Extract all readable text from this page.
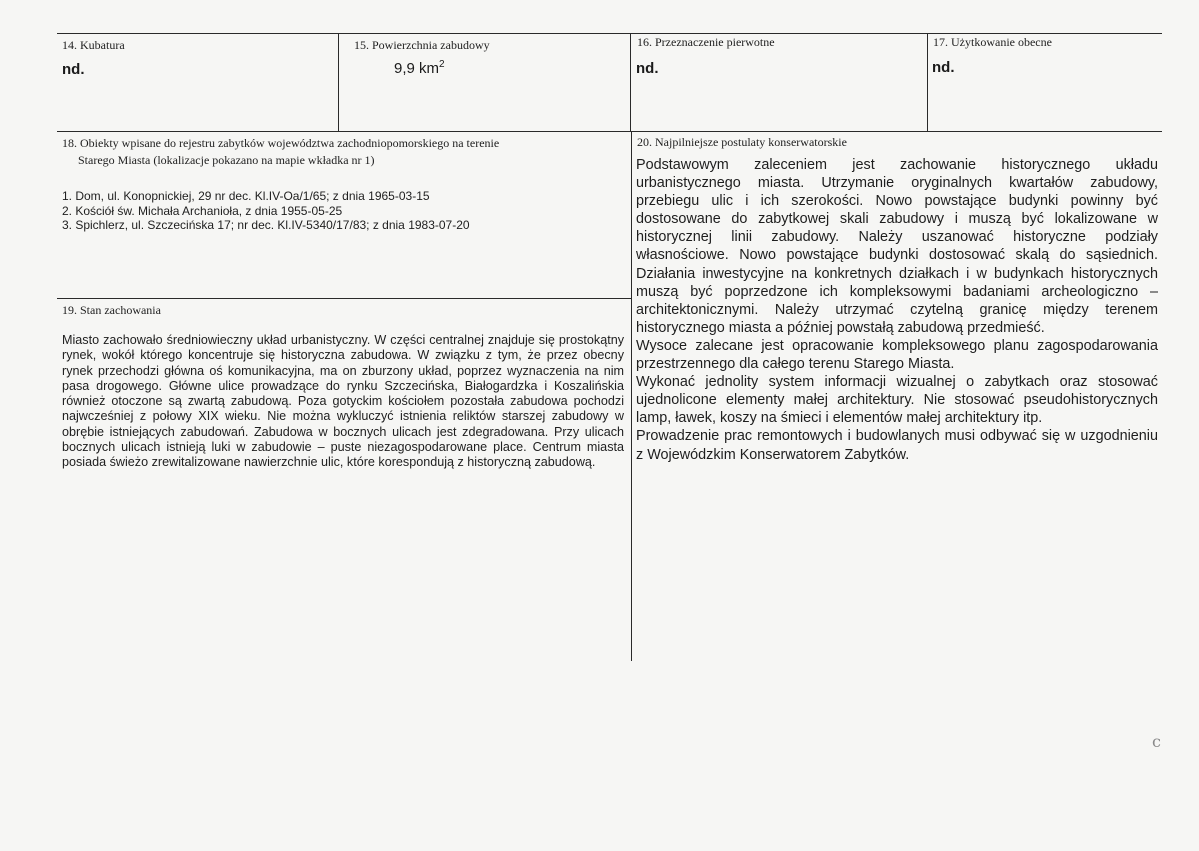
14. Kubatura
nd.
15. Powierzchnia zabudowy
9,9 $km^2$
16. Przeznaczenie pierwotne
nd.
17. Użytkowanie obecne
nd.
18. Obiekty wpisane do rejestru zabytków województwa zachodniopomorskiego na terenie
Starego Miasta (lokalizacje pokazano na mapie wkładka nr 1)
1. Dom, ul. Konopnickiej, 29 nr dec. Kl.IV-Oa/1/65; z dnia 1965-03-15
2. Kościół św. Michała Archanioła, z dnia 1955-05-25
3. Spichlerz, ul. Szczecińska 17; nr dec. Kl.IV-5340/17/83; z dnia 1983-07-20
19. Stan zachowania

Miasto zachowało średniowieczny układ urbanistyczny. W części centralnej znajduje się prostokątny rynek, wokół którego koncentruje się historyczna zabudowa. W związku z tym, że przez obecny rynek przechodzi główna oś komunikacyjna, ma on zburzony układ, poprzez wyznaczenia na nim pasa drogowego. Główne ulice prowadzące do rynku Szczecińska, Białogardzka i Koszalińskia również otoczone są zwartą zabudową. Poza gotyckim kościołem pozostała zabudowa pochodzi najwcześniej z połowy XIX wieku. Nie można wykluczyć istnienia reliktów starszej zabudowy w obrębie istniejących zabudowań. Zabudowa w bocznych ulicach jest zdegradowana. Przy ulicach bocznych ulicach istnieją luki w zabudowie – puste niezagospodarowane place. Centrum miasta posiada świeżo zrewitalizowane nawierzchnie ulic, które korespondują z historyczną zabudową.

20. Najpilniejsze postulaty konserwatorskie

Podstawowym zaleceniem jest zachowanie historycznego układu urbanistycznego miasta. Utrzymanie oryginalnych kwartałów zabudowy, przebiegu ulic i ich szerokości. Nowo powstające budynki powinny być dostosowane do zabytkowej skali zabudowy i muszą być lokalizowane w historycznej linii zabudowy. Należy uszanować historyczne podziały własnościowe. Nowo powstające budynki dostosować skalą do sąsiednich. Działania inwestycyjne na konkretnych działkach i w budynkach historycznych muszą być poprzedzone ich kompleksowymi badaniami archeologiczno – architektonicznymi. Należy utrzymać czytelną granicę między terenem historycznego miasta a później powstałą zabudową przedmieść.

Wysoce zalecane jest opracowanie kompleksowego planu zagospodarowania przestrzennego dla całego terenu Starego Miasta.

Wykonać jednolity system informacji wizualnej o zabytkach oraz stosować ujednolicone elementy małej architektury. Nie stosować pseudohistorycznych lamp, ławek, koszy na śmieci i elementów małej architektury itp.

Prowadzenie prac remontowych i budowlanych musi odbywać się w uzgodnieniu z Wojewódzkim Konserwatorem Zabytków.

c
